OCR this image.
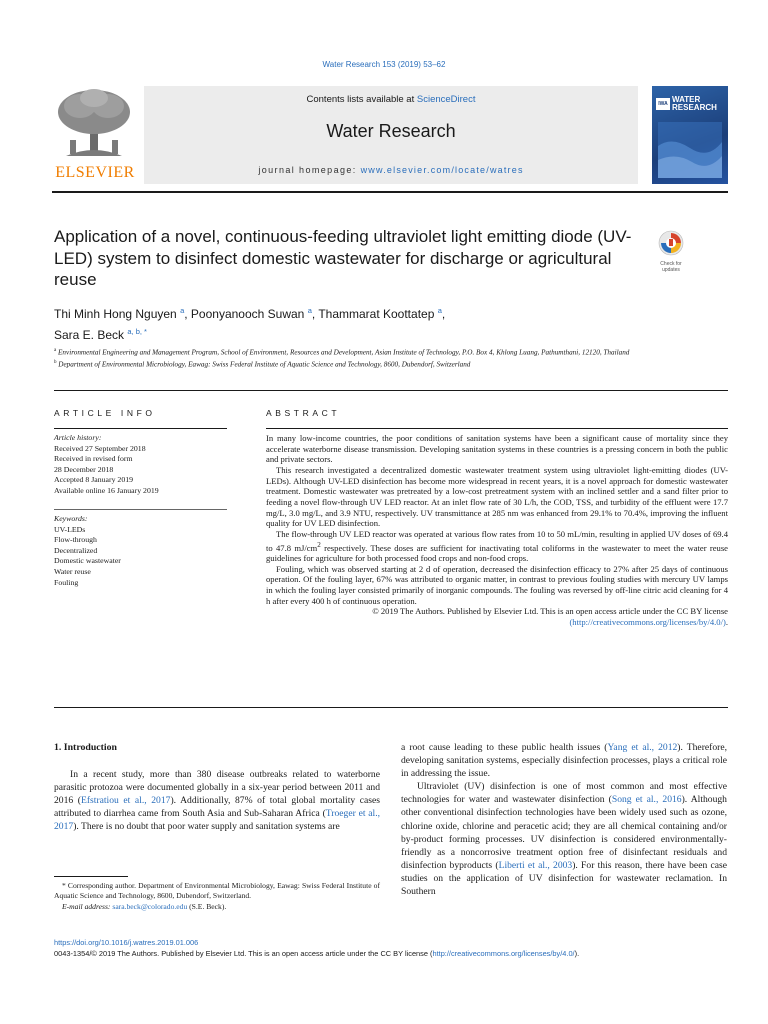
Water Research 153 (2019) 53–62
ELSEVIER
Contents lists available at ScienceDirect
Water Research
journal homepage: www.elsevier.com/locate/watres
IWA WATER RESEARCH
Application of a novel, continuous-feeding ultraviolet light emitting diode (UV-LED) system to disinfect domestic wastewater for discharge or agricultural reuse
Check for updates
Thi Minh Hong Nguyen $^a$, Poonyanooch Suwan $^a$, Thammarat Koottatep $^a$,
Sara E. Beck $^{a, b, *}$
$^a$ Environmental Engineering and Management Program, School of Environment, Resources and Development, Asian Institute of Technology, P.O. Box 4, Khlong Luang, Pathumthani, 12120, Thailand
$^b$ Department of Environmental Microbiology, Eawag: Swiss Federal Institute of Aquatic Science and Technology, 8600, Dubendorf, Switzerland
ARTICLE INFO	ABSTRACT
Article history:
Received 27 September 2018
Received in revised form
28 December 2018
Accepted 8 January 2019
Available online 16 January 2019
Keywords:
UV-LEDs
Flow-through
Decentralized
Domestic wastewater
Water reuse
Fouling

In many low-income countries, the poor conditions of sanitation systems have been a significant cause of mortality since they accelerate waterborne disease transmission. Developing sanitation systems in these countries is a pressing concern in both the public and private sectors.

This research investigated a decentralized domestic wastewater treatment system using ultraviolet light-emitting diodes (UV-LEDs). Although UV-LED disinfection has become more widespread in recent years, it is a novel approach for domestic wastewater treatment. Domestic wastewater was pretreated by a low-cost pretreatment system with an inclined settler and a sand filter prior to feeding a novel flow-through UV LED reactor. At an inlet flow rate of 30 L/h, the COD, TSS, and turbidity of the effluent were 17.7 mg/L, 3.0 mg/L, and 3.9 NTU, respectively. UV transmittance at 285 nm was enhanced from 29.1% to 70.4%, improving the influent quality for UV LED disinfection.

The flow-through UV LED reactor was operated at various flow rates from 10 to 50 mL/min, resulting in applied UV doses of 69.4 to 47.8 $mJ/cm^2$ respectively. These doses are sufficient for inactivating total coliforms in the wastewater to meet the water reuse guidelines for agriculture for both processed food crops and non-food crops.

Fouling, which was observed starting at 2 d of operation, decreased the disinfection efficacy to 27% after 25 days of continuous operation. Of the fouling layer, 67% was attributed to organic matter, in contrast to previous fouling studies with mercury UV lamps in which the fouling layer consisted primarily of inorganic compounds. The fouling was reversed by off-line citric acid cleaning for 4 h after every 400 h of continuous operation.

© 2019 The Authors. Published by Elsevier Ltd. This is an open access article under the CC BY license (http://creativecommons.org/licenses/by/4.0/).

1. Introduction

In a recent study, more than 380 disease outbreaks related to waterborne parasitic protozoa were documented globally in a six-year period between 2011 and 2016 (Efstratiou et al., 2017). Additionally, 87% of total global mortality cases attributed to diarrhea came from South Asia and Sub-Saharan Africa (Troeger et al., 2017). There is no doubt that poor water supply and sanitation systems are

* Corresponding author. Department of Environmental Microbiology, Eawag: Swiss Federal Institute of Aquatic Science and Technology, 8600, Dubendorf, Switzerland.

E-mail address: sara.beck@colorado.edu (S.E. Beck).

a root cause leading to these public health issues (Yang et al., 2012). Therefore, developing sanitation systems, especially disinfection processes, plays a critical role in addressing the issue.

Ultraviolet (UV) disinfection is one of most common and most effective technologies for water and wastewater disinfection (Song et al., 2016). Although other conventional disinfection technologies have been widely used such as ozone, chlorine oxide, chlorine and peracetic acid; they are all chemical containing and/or by-product forming processes. UV disinfection is considered environmentally-friendly as a noncorrosive treatment option free of disinfectant residuals and disinfection byproducts (Liberti et al., 2003). For this reason, there have been case studies on the application of UV disinfection for wastewater reclamation. In Southern

https://doi.org/10.1016/j.watres.2019.01.006
0043-1354/© 2019 The Authors. Published by Elsevier Ltd. This is an open access article under the CC BY license (http://creativecommons.org/licenses/by/4.0/).
